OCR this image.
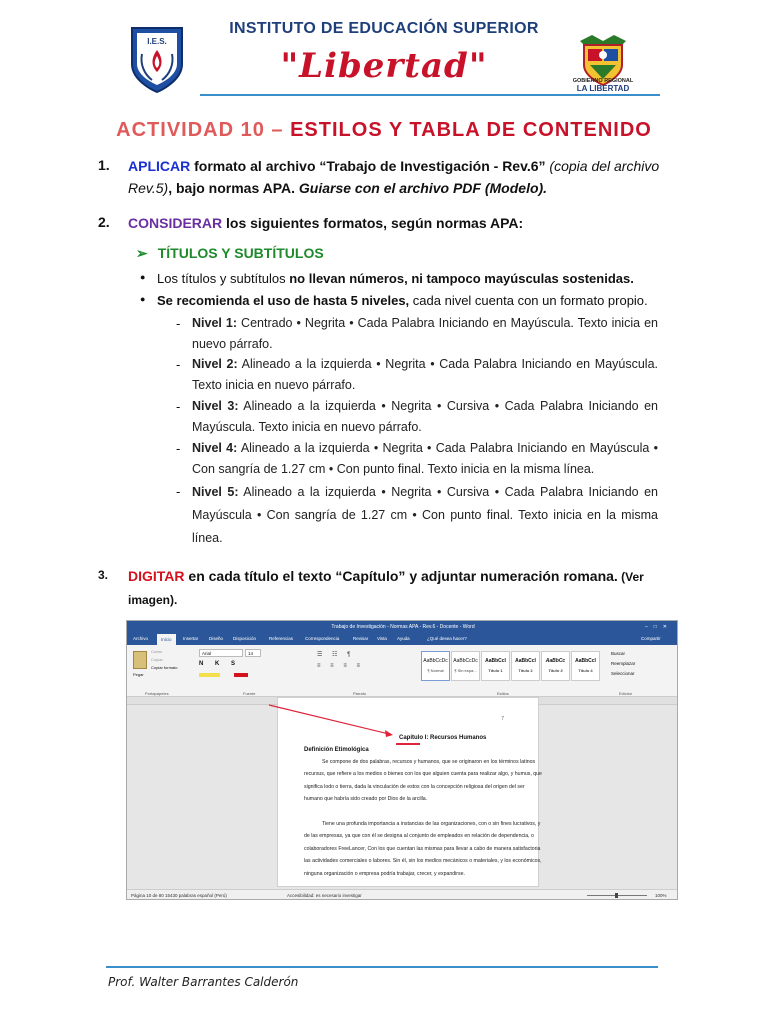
I.E.S.
INSTITUTO DE EDUCACIÓN SUPERIOR
"Libertad"	GOBIERNO REGIONAL
LA LIBERTAD
ACTIVIDAD 10 – ESTILOS Y TABLA DE CONTENIDO
1. APLICAR formato al archivo “Trabajo de Investigación - Rev.6” (copia del archivo Rev.5), bajo normas APA. Guiarse con el archivo PDF (Modelo).
2. CONSIDERAR los siguientes formatos, según normas APA:
➢ TÍTULOS Y SUBTÍTULOS
● Los títulos y subtítulos no llevan números, ni tampoco mayúsculas sostenidas.
● Se recomienda el uso de hasta 5 niveles, cada nivel cuenta con un formato propio.
- Nivel 1: Centrado • Negrita • Cada Palabra Iniciando en Mayúscula. Texto inicia en nuevo párrafo.
- Nivel 2: Alineado a la izquierda • Negrita • Cada Palabra Iniciando en Mayúscula. Texto inicia en nuevo párrafo.
- Nivel 3: Alineado a la izquierda • Negrita • Cursiva • Cada Palabra Iniciando en Mayúscula. Texto inicia en nuevo párrafo.
- Nivel 4: Alineado a la izquierda • Negrita • Cada Palabra Iniciando en Mayúscula • Con sangría de 1.27 cm • Con punto final. Texto inicia en la misma línea.
- Nivel 5: Alineado a la izquierda • Negrita • Cursiva • Cada Palabra Iniciando en Mayúscula • Con sangría de 1.27 cm • Con punto final. Texto inicia en la misma línea.
3. DIGITAR en cada título el texto “Capítulo” y adjuntar numeración romana. (Ver imagen).
Trabajo de Investigación - Normas APA - Rev.6 - Docente - Word	–□✕
Archivo	Inicio	Insertar Diseño Disposición	Referencias	Correspondencia	Revisar Vista Ayuda	¿Qué desea hacer?	Compartir
Pegar
Cortar
Copiar
Copiar formato
Arial	14
N K S
☰ ☷ ¶
≡ ≡ ≡ ≡
AaBbCcDc
¶ Normal
AaBbCcDc
¶ Sin espa...
AaBbCcl
Título 1
AaBbCcl
Título 2
AaBbCc
Título 3
AaBbCcl
Título 4
Buscar
Reemplazar
Seleccionar
Portapapeles	Fuente	Párrafo	Estilos	Edición
7
Capítulo I: Recursos Humanos
Definición Etimológica
Se compone de dos palabras, recursos y humanos, que se originaron en los términos latinos recursus, que refiere a los medios o bienes con los que alguien cuenta para realizar algo, y humus, que significa lodo o tierra, dada la vinculación de estos con la concepción religiosa del origen del ser humano que habría sido creado por Dios de la arcilla.
Tiene una profunda importancia a instancias de las organizaciones, con o sin fines lucrativos, y de las empresas, ya que con él se designa al conjunto de empleados en relación de dependencia, o colaboradores FreeLancer, Con los que cuentan las mismas para llevar a cabo de manera satisfactoria las actividades comerciales o labores. Sin él, sin los medios mecánicos o materiales, y los económicos, ninguna organización o empresa podría trabajar, crecer, y expandirse.
Página 10 de 80 15430 palabras español (Perú)	Accesibilidad: es necesario investigar	100%
Prof. Walter Barrantes Calderón
